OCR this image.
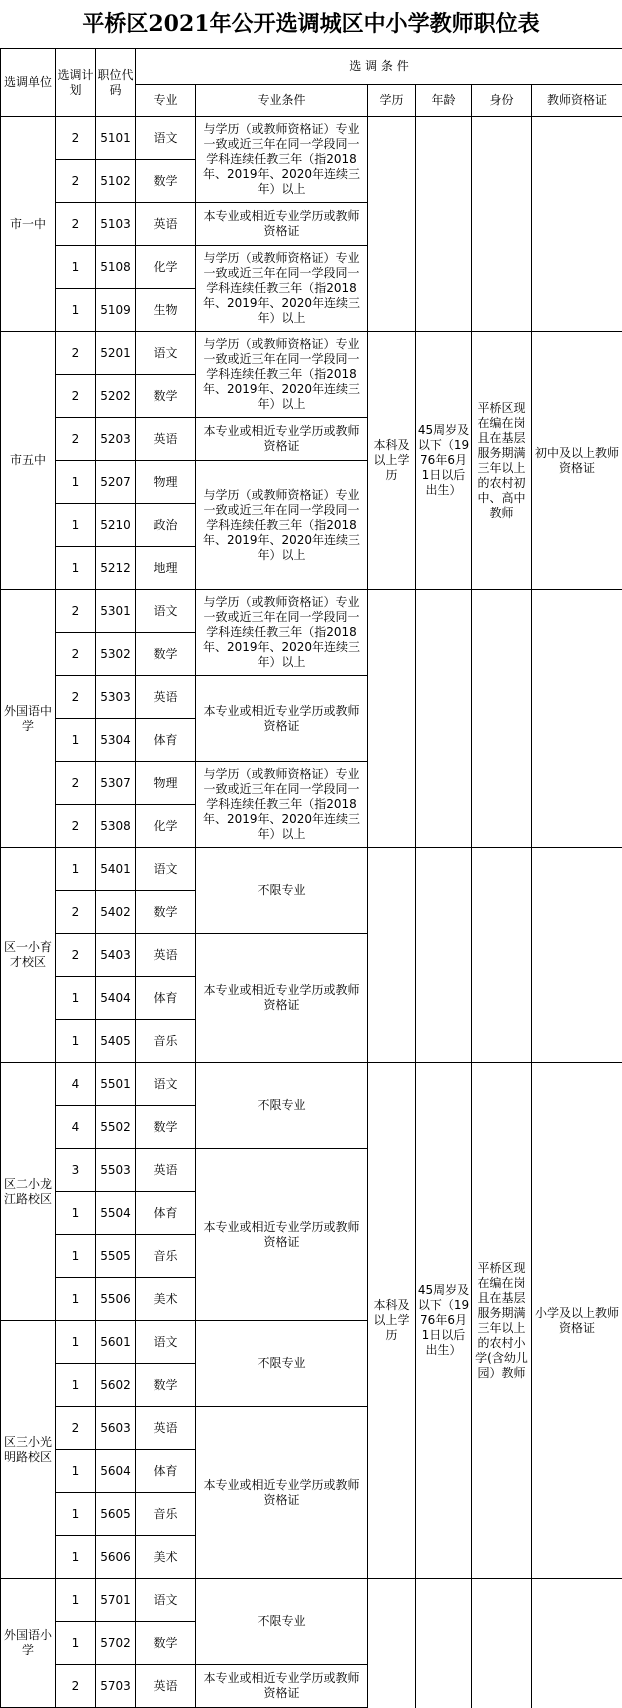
平桥区2021年公开选调城区中小学教师职位表
选调单位	选调计划	职位代码	选 调 条 件					
			专业	专业条件	学历	年龄	身份	教师资格证
市一中	2	5101	语文	与学历（或教师资格证）专业一致或近三年在同一学段同一学科连续任教三年（指2018年、2019年、2020年连续三年）以上				
	2	5102	数学					
	2	5103	英语	本专业或相近专业学历或教师资格证				
	1	5108	化学	与学历（或教师资格证）专业一致或近三年在同一学段同一学科连续任教三年（指2018年、2019年、2020年连续三年）以上				
	1	5109	生物					
市五中	2	5201	语文	与学历（或教师资格证）专业一致或近三年在同一学段同一学科连续任教三年（指2018年、2019年、2020年连续三年）以上	本科及以上学历	45周岁及以下（1976年6月1日以后出生）	平桥区现在编在岗且在基层服务期满三年以上的农村初中、高中教师	初中及以上教师资格证
	2	5202	数学					
	2	5203	英语	本专业或相近专业学历或教师资格证				
	1	5207	物理	与学历（或教师资格证）专业一致或近三年在同一学段同一学科连续任教三年（指2018年、2019年、2020年连续三年）以上				
	1	5210	政治					
	1	5212	地理					
外国语中学	2	5301	语文	与学历（或教师资格证）专业一致或近三年在同一学段同一学科连续任教三年（指2018年、2019年、2020年连续三年）以上				
	2	5302	数学					
	2	5303	英语	本专业或相近专业学历或教师资格证				
	1	5304	体育					
	2	5307	物理	与学历（或教师资格证）专业一致或近三年在同一学段同一学科连续任教三年（指2018年、2019年、2020年连续三年）以上				
	2	5308	化学					
区一小育才校区	1	5401	语文	不限专业				
	2	5402	数学					
	2	5403	英语	本专业或相近专业学历或教师资格证				
	1	5404	体育					
	1	5405	音乐					
区二小龙江路校区	4	5501	语文	不限专业	本科及以上学历	45周岁及以下（1976年6月1日以后出生）	平桥区现在编在岗且在基层服务期满三年以上的农村小学(含幼儿园）教师	小学及以上教师资格证
	4	5502	数学					
	3	5503	英语	本专业或相近专业学历或教师资格证				
	1	5504	体育					
	1	5505	音乐					
	1	5506	美术					
区三小光明路校区	1	5601	语文	不限专业				
	1	5602	数学					
	2	5603	英语	本专业或相近专业学历或教师资格证				
	1	5604	体育					
	1	5605	音乐					
	1	5606	美术					
外国语小学	1	5701	语文	不限专业				
	1	5702	数学					
	2	5703	英语	本专业或相近专业学历或教师资格证				
